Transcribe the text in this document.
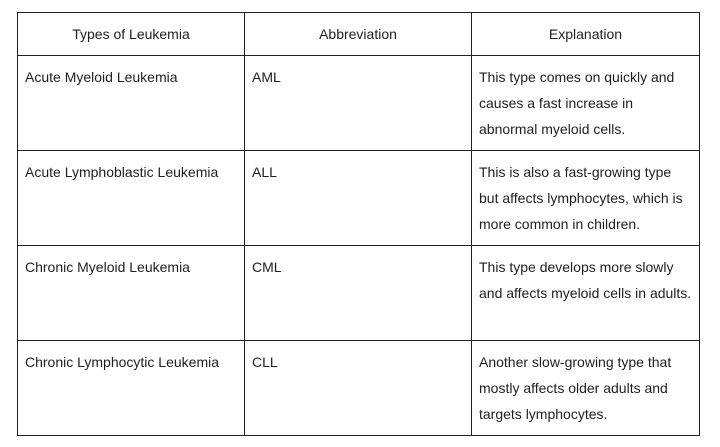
Types of Leukemia	Abbreviation	Explanation
Acute Myeloid Leukemia	AML	This type comes on quickly and causes a fast increase in abnormal myeloid cells.
Acute Lymphoblastic Leukemia	ALL	This is also a fast-growing type but affects lymphocytes, which is more common in children.
Chronic Myeloid Leukemia	CML	This type develops more slowly and affects myeloid cells in adults.
Chronic Lymphocytic Leukemia	CLL	Another slow-growing type that mostly affects older adults and targets lymphocytes.
